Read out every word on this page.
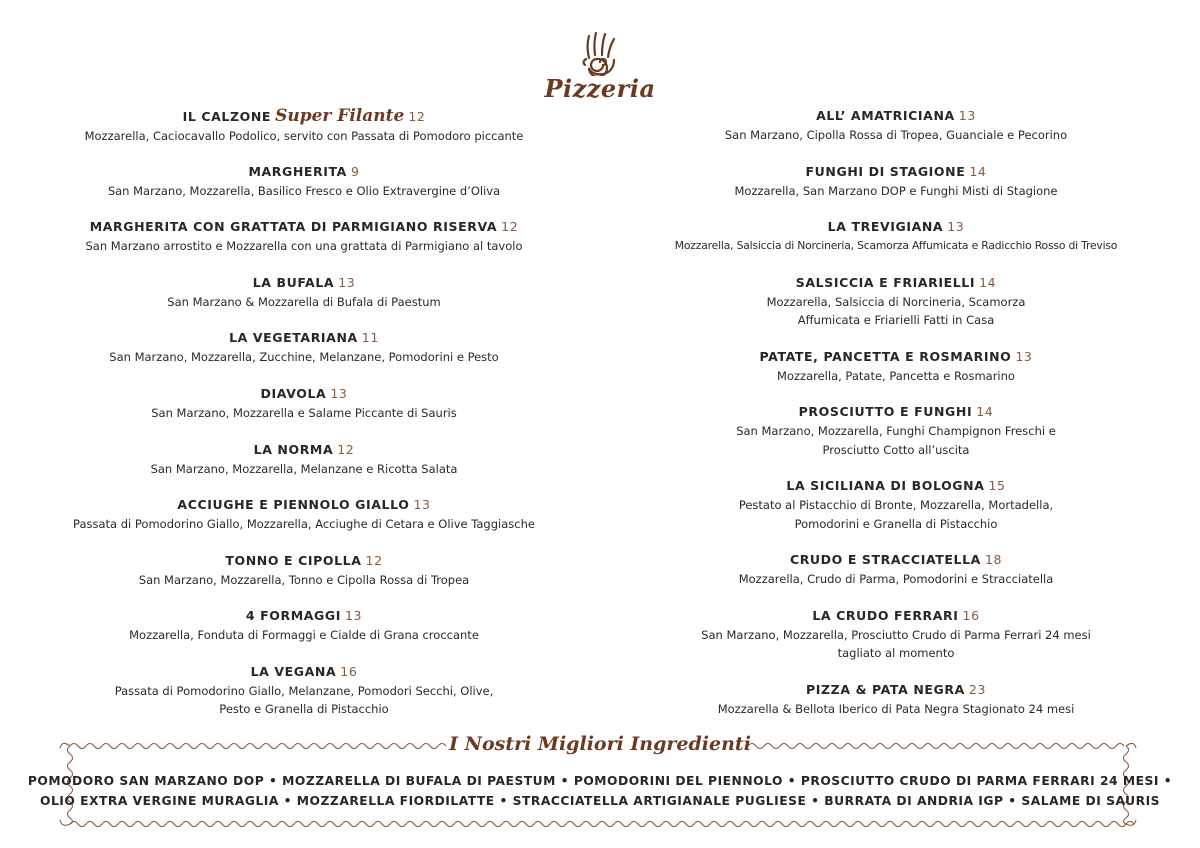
Pizzeria
IL CALZONE Super Filante 12
Mozzarella, Caciocavallo Podolico, servito con Passata di Pomodoro piccante
MARGHERITA 9
San Marzano, Mozzarella, Basilico Fresco e Olio Extravergine d’Oliva
MARGHERITA CON GRATTATA DI PARMIGIANO RISERVA 12
San Marzano arrostito e Mozzarella con una grattata di Parmigiano al tavolo
LA BUFALA 13
San Marzano & Mozzarella di Bufala di Paestum
LA VEGETARIANA 11
San Marzano, Mozzarella, Zucchine, Melanzane, Pomodorini e Pesto
DIAVOLA 13
San Marzano, Mozzarella e Salame Piccante di Sauris
LA NORMA 12
San Marzano, Mozzarella, Melanzane e Ricotta Salata
ACCIUGHE E PIENNOLO GIALLO 13
Passata di Pomodorino Giallo, Mozzarella, Acciughe di Cetara e Olive Taggiasche
TONNO E CIPOLLA 12
San Marzano, Mozzarella, Tonno e Cipolla Rossa di Tropea
4 FORMAGGI 13
Mozzarella, Fonduta di Formaggi e Cialde di Grana croccante
LA VEGANA 16
Passata di Pomodorino Giallo, Melanzane, Pomodori Secchi, Olive,
Pesto e Granella di Pistacchio
ALL’ AMATRICIANA 13
San Marzano, Cipolla Rossa di Tropea, Guanciale e Pecorino
FUNGHI DI STAGIONE 14
Mozzarella, San Marzano DOP e Funghi Misti di Stagione
LA TREVIGIANA 13
Mozzarella, Salsiccia di Norcineria, Scamorza Affumicata e Radicchio Rosso di Treviso
SALSICCIA E FRIARIELLI 14
Mozzarella, Salsiccia di Norcineria, Scamorza
Affumicata e Friarielli Fatti in Casa
PATATE, PANCETTA E ROSMARINO 13
Mozzarella, Patate, Pancetta e Rosmarino
PROSCIUTTO E FUNGHI 14
San Marzano, Mozzarella, Funghi Champignon Freschi e
Prosciutto Cotto all’uscita
LA SICILIANA DI BOLOGNA 15
Pestato al Pistacchio di Bronte, Mozzarella, Mortadella,
Pomodorini e Granella di Pistacchio
CRUDO E STRACCIATELLA 18
Mozzarella, Crudo di Parma, Pomodorini e Stracciatella
LA CRUDO FERRARI 16
San Marzano, Mozzarella, Prosciutto Crudo di Parma Ferrari 24 mesi
tagliato al momento
PIZZA & PATA NEGRA 23
Mozzarella & Bellota Iberico di Pata Negra Stagionato 24 mesi
I Nostri Migliori Ingredienti
POMODORO SAN MARZANO DOP • MOZZARELLA DI BUFALA DI PAESTUM • POMODORINI DEL PIENNOLO • PROSCIUTTO CRUDO DI PARMA FERRARI 24 MESI •
OLIO EXTRA VERGINE MURAGLIA • MOZZARELLA FIORDILATTE • STRACCIATELLA ARTIGIANALE PUGLIESE • BURRATA DI ANDRIA IGP • SALAME DI SAURIS
